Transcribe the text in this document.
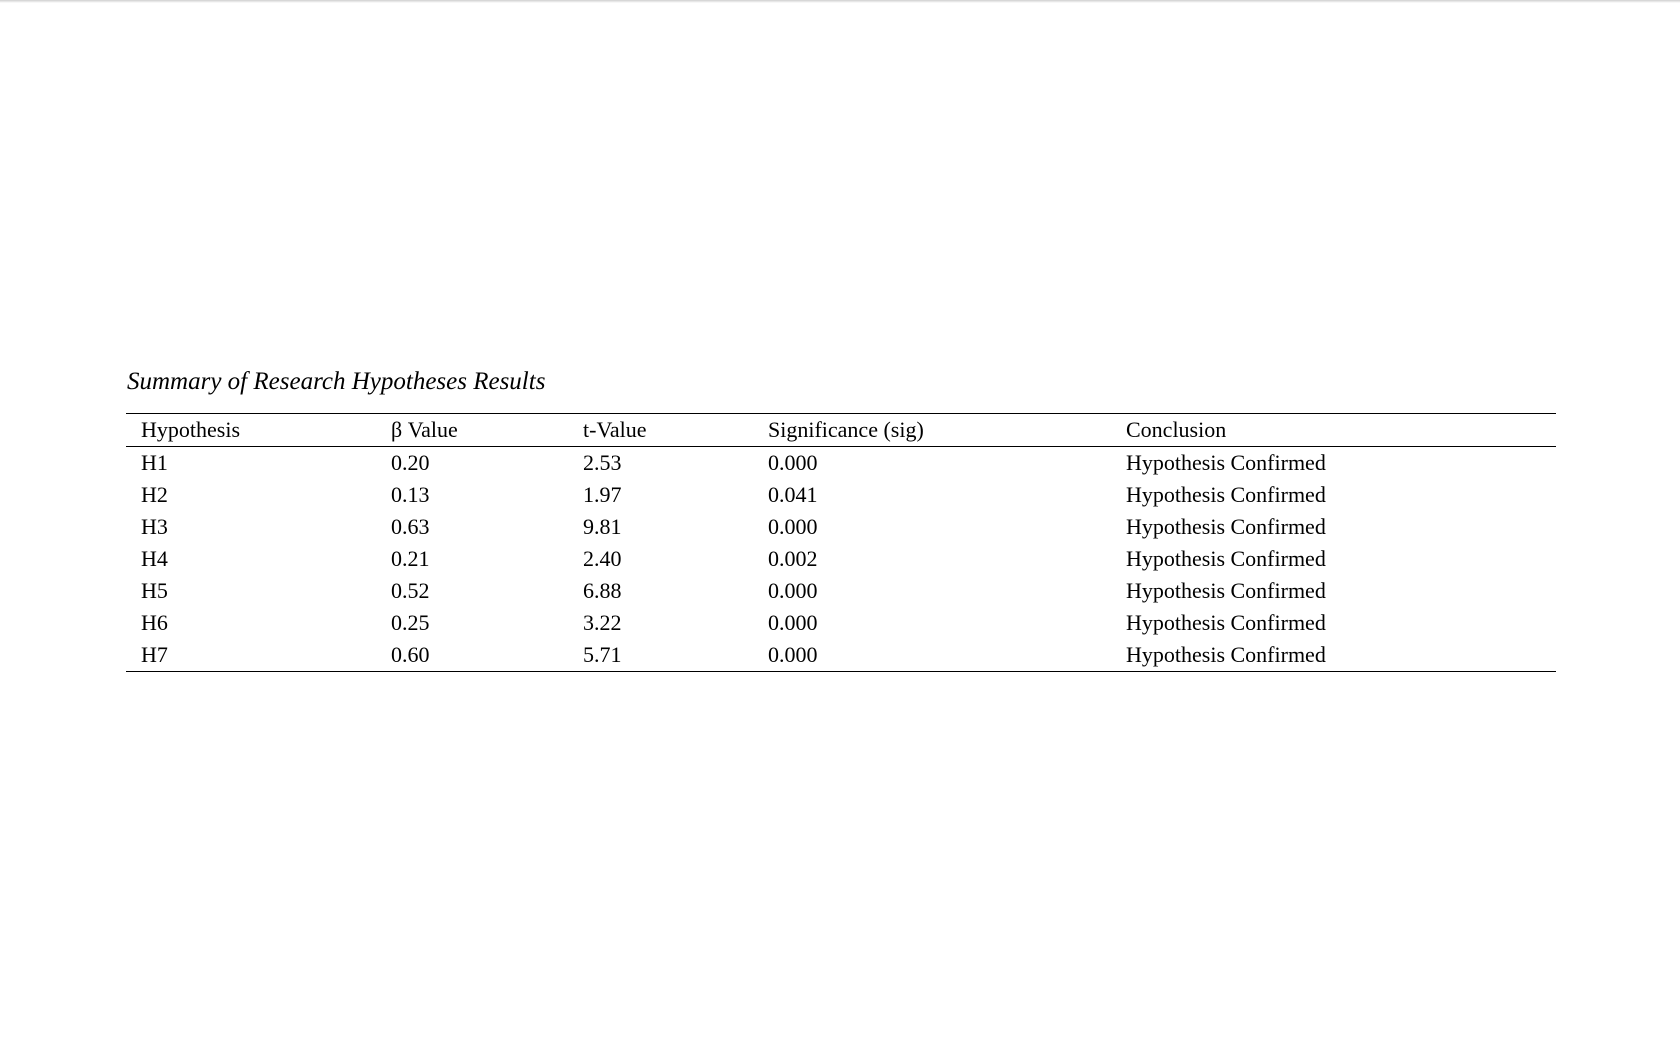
Summary of Research Hypotheses Results
Hypothesis	β Value	t-Value	Significance (sig)	Conclusion
H1	0.20	2.53	0.000	Hypothesis Confirmed
H2	0.13	1.97	0.041	Hypothesis Confirmed
H3	0.63	9.81	0.000	Hypothesis Confirmed
H4	0.21	2.40	0.002	Hypothesis Confirmed
H5	0.52	6.88	0.000	Hypothesis Confirmed
H6	0.25	3.22	0.000	Hypothesis Confirmed
H7	0.60	5.71	0.000	Hypothesis Confirmed
